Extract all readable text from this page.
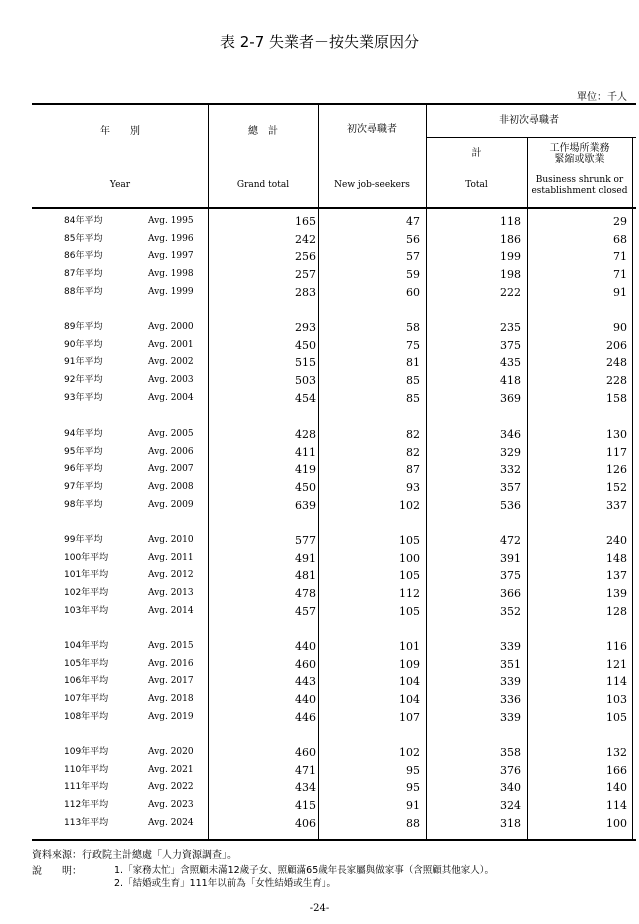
表 2-7 失業者－按失業原因分
單位：千人
年　　別
Year
總　計
Grand total
初次尋職者
New job-seekers
非初次尋職者
計
Total
工作場所業務
緊縮或歇業
Business shrunk or
establishment closed
84年平均	Avg. 1995	165	47	118	29
85年平均	Avg. 1996	242	56	186	68
86年平均	Avg. 1997	256	57	199	71
87年平均	Avg. 1998	257	59	198	71
88年平均	Avg. 1999	283	60	222	91
89年平均	Avg. 2000	293	58	235	90
90年平均	Avg. 2001	450	75	375	206
91年平均	Avg. 2002	515	81	435	248
92年平均	Avg. 2003	503	85	418	228
93年平均	Avg. 2004	454	85	369	158
94年平均	Avg. 2005	428	82	346	130
95年平均	Avg. 2006	411	82	329	117
96年平均	Avg. 2007	419	87	332	126
97年平均	Avg. 2008	450	93	357	152
98年平均	Avg. 2009	639	102	536	337
99年平均	Avg. 2010	577	105	472	240
100年平均	Avg. 2011	491	100	391	148
101年平均	Avg. 2012	481	105	375	137
102年平均	Avg. 2013	478	112	366	139
103年平均	Avg. 2014	457	105	352	128
104年平均	Avg. 2015	440	101	339	116
105年平均	Avg. 2016	460	109	351	121
106年平均	Avg. 2017	443	104	339	114
107年平均	Avg. 2018	440	104	336	103
108年平均	Avg. 2019	446	107	339	105
109年平均	Avg. 2020	460	102	358	132
110年平均	Avg. 2021	471	95	376	166
111年平均	Avg. 2022	434	95	340	140
112年平均	Avg. 2023	415	91	324	114
113年平均	Avg. 2024	406	88	318	100
資料來源：行政院主計總處「人力資源調查」。
說　　明：	1.「家務太忙」含照顧未滿12歲子女、照顧滿65歲年長家屬與做家事（含照顧其他家人）。
2.「結婚或生育」111年以前為「女性結婚或生育」。
-24-
